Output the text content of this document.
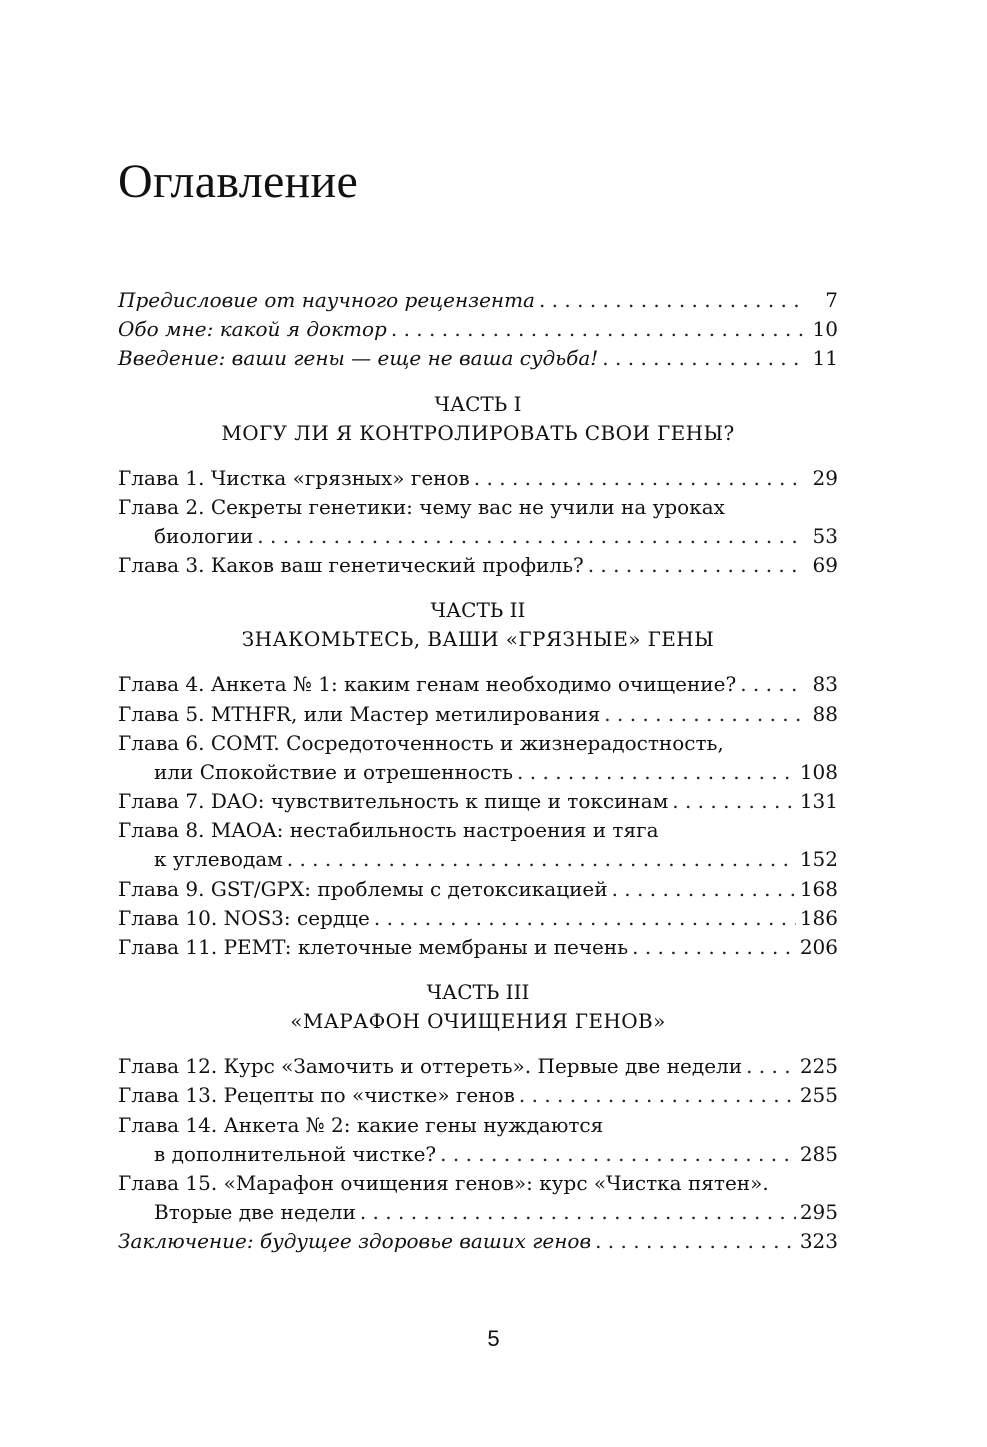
Оглавление
Предисловие от научного рецензента . . .	7
Обо мне: какой я доктор . . .	10
Введение: ваши гены — еще не ваша судьба! . . .	11
ЧАСТЬ I
МОГУ ЛИ Я КОНТРОЛИРОВАТЬ СВОИ ГЕНЫ?
Глава 1. Чистка «грязных» генов . . .	29
Глава 2. Секреты генетики: чему вас не учили на уроках
биологии . . .	53
Глава 3. Каков ваш генетический профиль? . . .	69
ЧАСТЬ II
ЗНАКОМЬТЕСЬ, ВАШИ «ГРЯЗНЫЕ» ГЕНЫ
Глава 4. Анкета № 1: каким генам необходимо очищение? . . .	83
Глава 5. MTHFR, или Мастер метилирования . . .	88
Глава 6. COMT. Сосредоточенность и жизнерадостность,
или Спокойствие и отрешенность . . .	108
Глава 7. DAO: чувствительность к пище и токсинам . . .	131
Глава 8. MAOA: нестабильность настроения и тяга
к углеводам . . .	152
Глава 9. GST/GPX: проблемы с детоксикацией . . .	168
Глава 10. NOS3: сердце . . .	186
Глава 11. PEMT: клеточные мембраны и печень . . .	206
ЧАСТЬ III
«МАРАФОН ОЧИЩЕНИЯ ГЕНОВ»
Глава 12. Курс «Замочить и оттереть». Первые две недели . . .	225
Глава 13. Рецепты по «чистке» генов . . .	255
Глава 14. Анкета № 2: какие гены нуждаются
в дополнительной чистке? . . .	285
Глава 15. «Марафон очищения генов»: курс «Чистка пятен».
Вторые две недели . . .	295
Заключение: будущее здоровье ваших генов . . .	323
5
